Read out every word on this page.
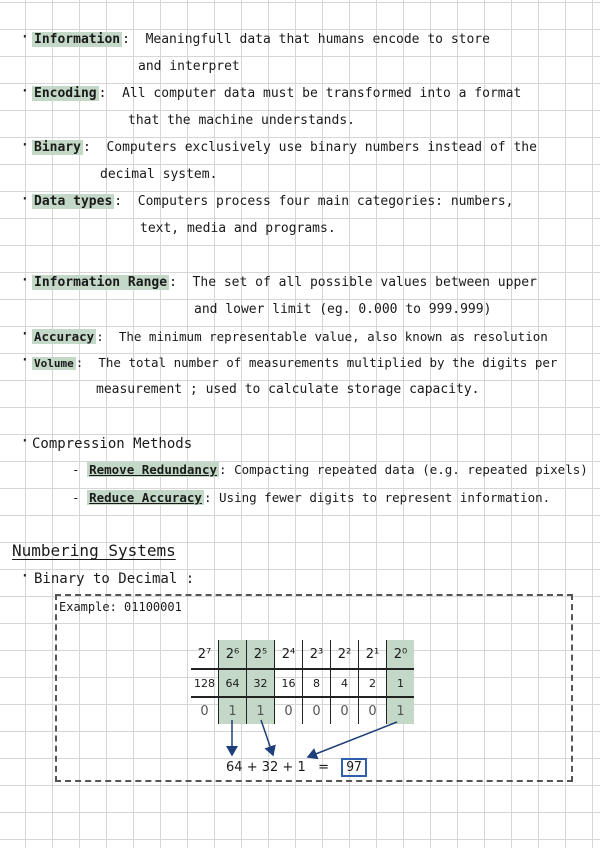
·
·
·
·
·
·
·
·
·
Information : Meaningfull data that humans encode to store
and interpret
Encoding : All computer data must be transformed into a format
that the machine understands.
Binary : Computers exclusively use binary numbers instead of the
decimal system.
Data types : Computers process four main categories: numbers,
text, media and programs.
Information Range : The set of all possible values between upper
and lower limit (eg. 0.000 to 999.999)
Accuracy : The minimum representable value, also known as resolution
Volume : The total number of measurements multiplied by the digits per
measurement ; used to calculate storage capacity.
Compression Methods
- Remove Redundancy : Compacting repeated data (e.g. repeated pixels)
- Reduce Accuracy : Using fewer digits to represent information.
Numbering Systems
Binary to Decimal :
Example: 01100001
2⁷	2⁶	2⁵	2⁴	2³	2²	2¹	2⁰
128	64	32	16	8	4	2	1
0	1	1	0	0	0	0	1
64 + 32 + 1 = 97
